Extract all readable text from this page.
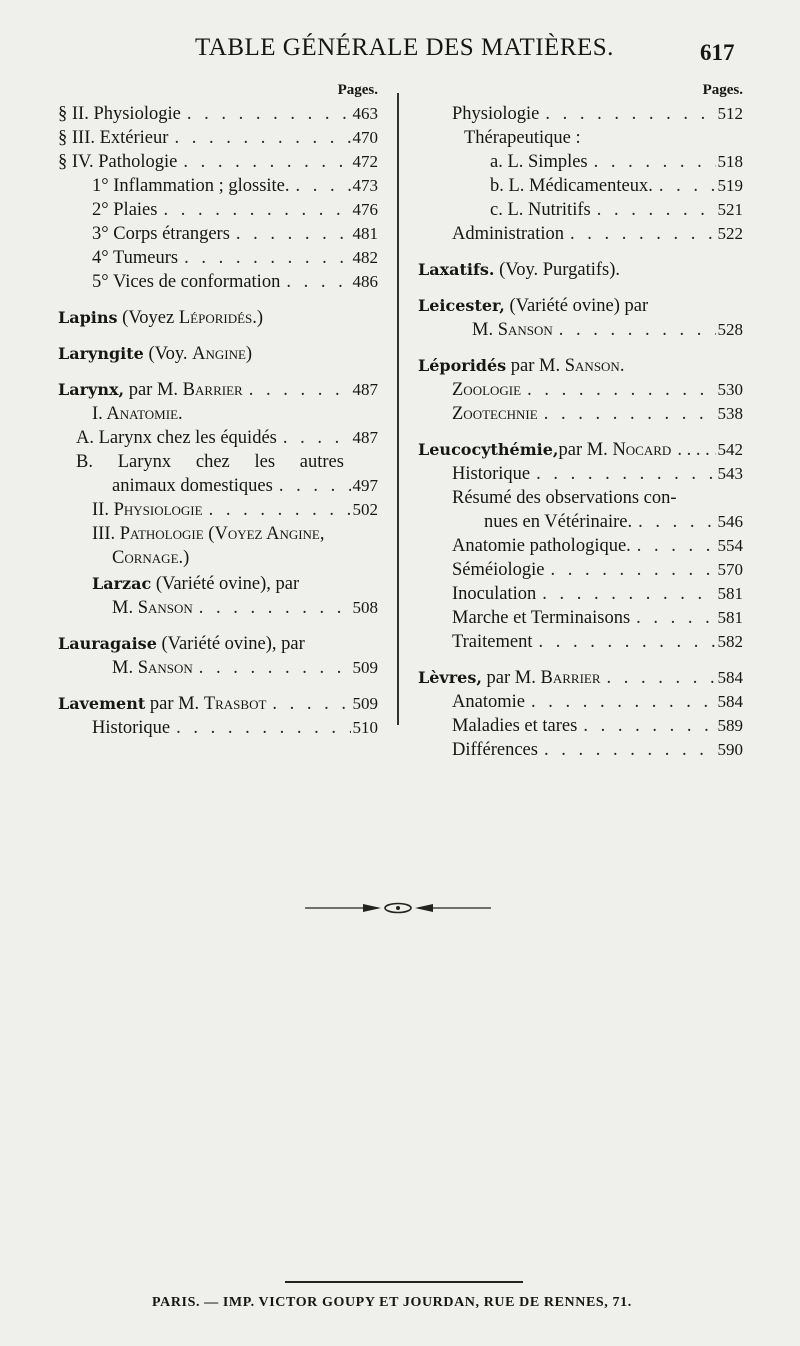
TABLE GÉNÉRALE DES MATIÈRES.	617
Pages.
§ II. Physiologie . . .	463
§ III. Extérieur . . .	470
§ IV. Pathologie . . .	472
1° Inflammation ; glossite. . . .	473
2° Plaies . . .	476
3° Corps étrangers . . .	481
4° Tumeurs . . .	482
5° Vices de conformation . . .	486
Lapins (Voyez Léporidés.)
Laryngite (Voy. Angine)
Larynx, par M. Barrier . . .	487
I. Anatomie.
A. Larynx chez les équidés . . .	487
B. Larynx chez les autres
animaux domestiques . . .	497
II. Physiologie . . .	502
III. Pathologie (Voyez Angine,
Cornage.)
Larzac (Variété ovine), par
M. Sanson . . .	508
Lauragaise (Variété ovine), par
M. Sanson . . .	509
Lavement par M. Trasbot . . .	509
Historique . . .	510
Pages.
Physiologie . . .	512
Thérapeutique :
a. L. Simples . . .	518
b. L. Médicamenteux. . . .	519
c. L. Nutritifs . . .	521
Administration . . .	522
Laxatifs. (Voy. Purgatifs).
Leicester, (Variété ovine) par
M. Sanson . . .	528
Léporidés par M. Sanson.
Zoologie . . .	530
Zootechnie . . .	538
Leucocythémie,par M. Nocard . . .	542
Historique . . .	543
Résumé des observations con-
nues en Vétérinaire. . . .	546
Anatomie pathologique. . . .	554
Séméiologie . . .	570
Inoculation . . .	581
Marche et Terminaisons . . .	581
Traitement . . .	582
Lèvres, par M. Barrier . . .	584
Anatomie . . .	584
Maladies et tares . . .	589
Différences . . .	590
PARIS. — IMP. VICTOR GOUPY ET JOURDAN, RUE DE RENNES, 71.
